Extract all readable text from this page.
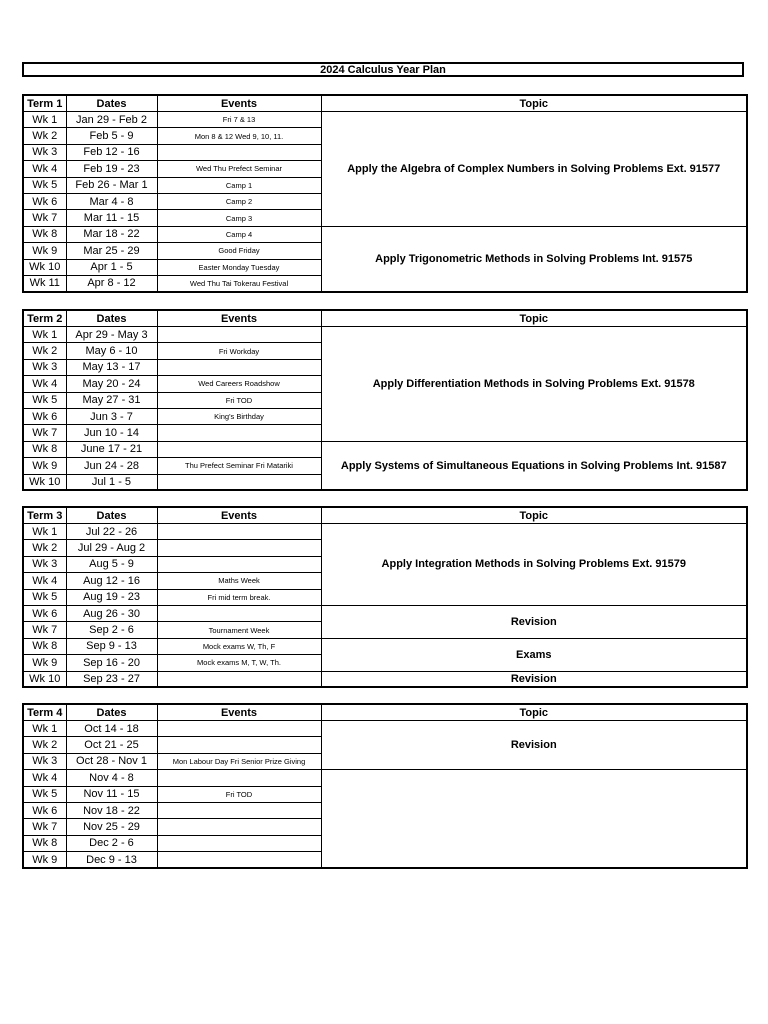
2024 Calculus Year Plan
Term 1	Dates	Events	Topic
Wk 1	Jan 29 - Feb 2	Fri 7 & 13	Apply the Algebra of Complex Numbers in Solving Problems Ext. 91577
Wk 2	Feb 5 - 9	Mon 8 & 12 Wed 9, 10, 11.	
Wk 3	Feb 12 - 16		
Wk 4	Feb 19 - 23	Wed Thu Prefect Seminar	
Wk 5	Feb 26 - Mar 1	Camp 1	
Wk 6	Mar 4 - 8	Camp 2	
Wk 7	Mar 11 - 15	Camp 3	
Wk 8	Mar 18 - 22	Camp 4	Apply Trigonometric Methods in Solving Problems Int. 91575
Wk 9	Mar 25 - 29	Good Friday	
Wk 10	Apr 1 - 5	Easter Monday Tuesday	
Wk 11	Apr 8 - 12	Wed Thu Tai Tokerau Festival	
Term 2	Dates	Events	Topic
Wk 1	Apr 29 - May 3		Apply Differentiation Methods in Solving Problems Ext. 91578
Wk 2	May 6 - 10	Fri Workday	
Wk 3	May 13 - 17		
Wk 4	May 20 - 24	Wed Careers Roadshow	
Wk 5	May 27 - 31	Fri TOD	
Wk 6	Jun 3 - 7	King's Birthday	
Wk 7	Jun 10 - 14		
Wk 8	June 17 - 21		Apply Systems of Simultaneous Equations in Solving Problems Int. 91587
Wk 9	Jun 24 - 28	Thu Prefect Seminar Fri Matariki	
Wk 10	Jul 1 - 5		
Term 3	Dates	Events	Topic
Wk 1	Jul 22 - 26		Apply Integration Methods in Solving Problems Ext. 91579
Wk 2	Jul 29 - Aug 2		
Wk 3	Aug 5 - 9		
Wk 4	Aug 12 - 16	Maths Week	
Wk 5	Aug 19 - 23	Fri mid term break.	
Wk 6	Aug 26 - 30		Revision
Wk 7	Sep 2 - 6	Tournament Week	
Wk 8	Sep 9 - 13	Mock exams W, Th, F	Exams
Wk 9	Sep 16 - 20	Mock exams M, T, W, Th.	
Wk 10	Sep 23 - 27		Revision
Term 4	Dates	Events	Topic
Wk 1	Oct 14 - 18		Revision
Wk 2	Oct 21 - 25		
Wk 3	Oct 28 - Nov 1	Mon Labour Day Fri Senior Prize Giving	
Wk 4	Nov 4 - 8		
Wk 5	Nov 11 - 15	Fri TOD	
Wk 6	Nov 18 - 22		
Wk 7	Nov 25 - 29		
Wk 8	Dec 2 - 6		
Wk 9	Dec 9 - 13		
